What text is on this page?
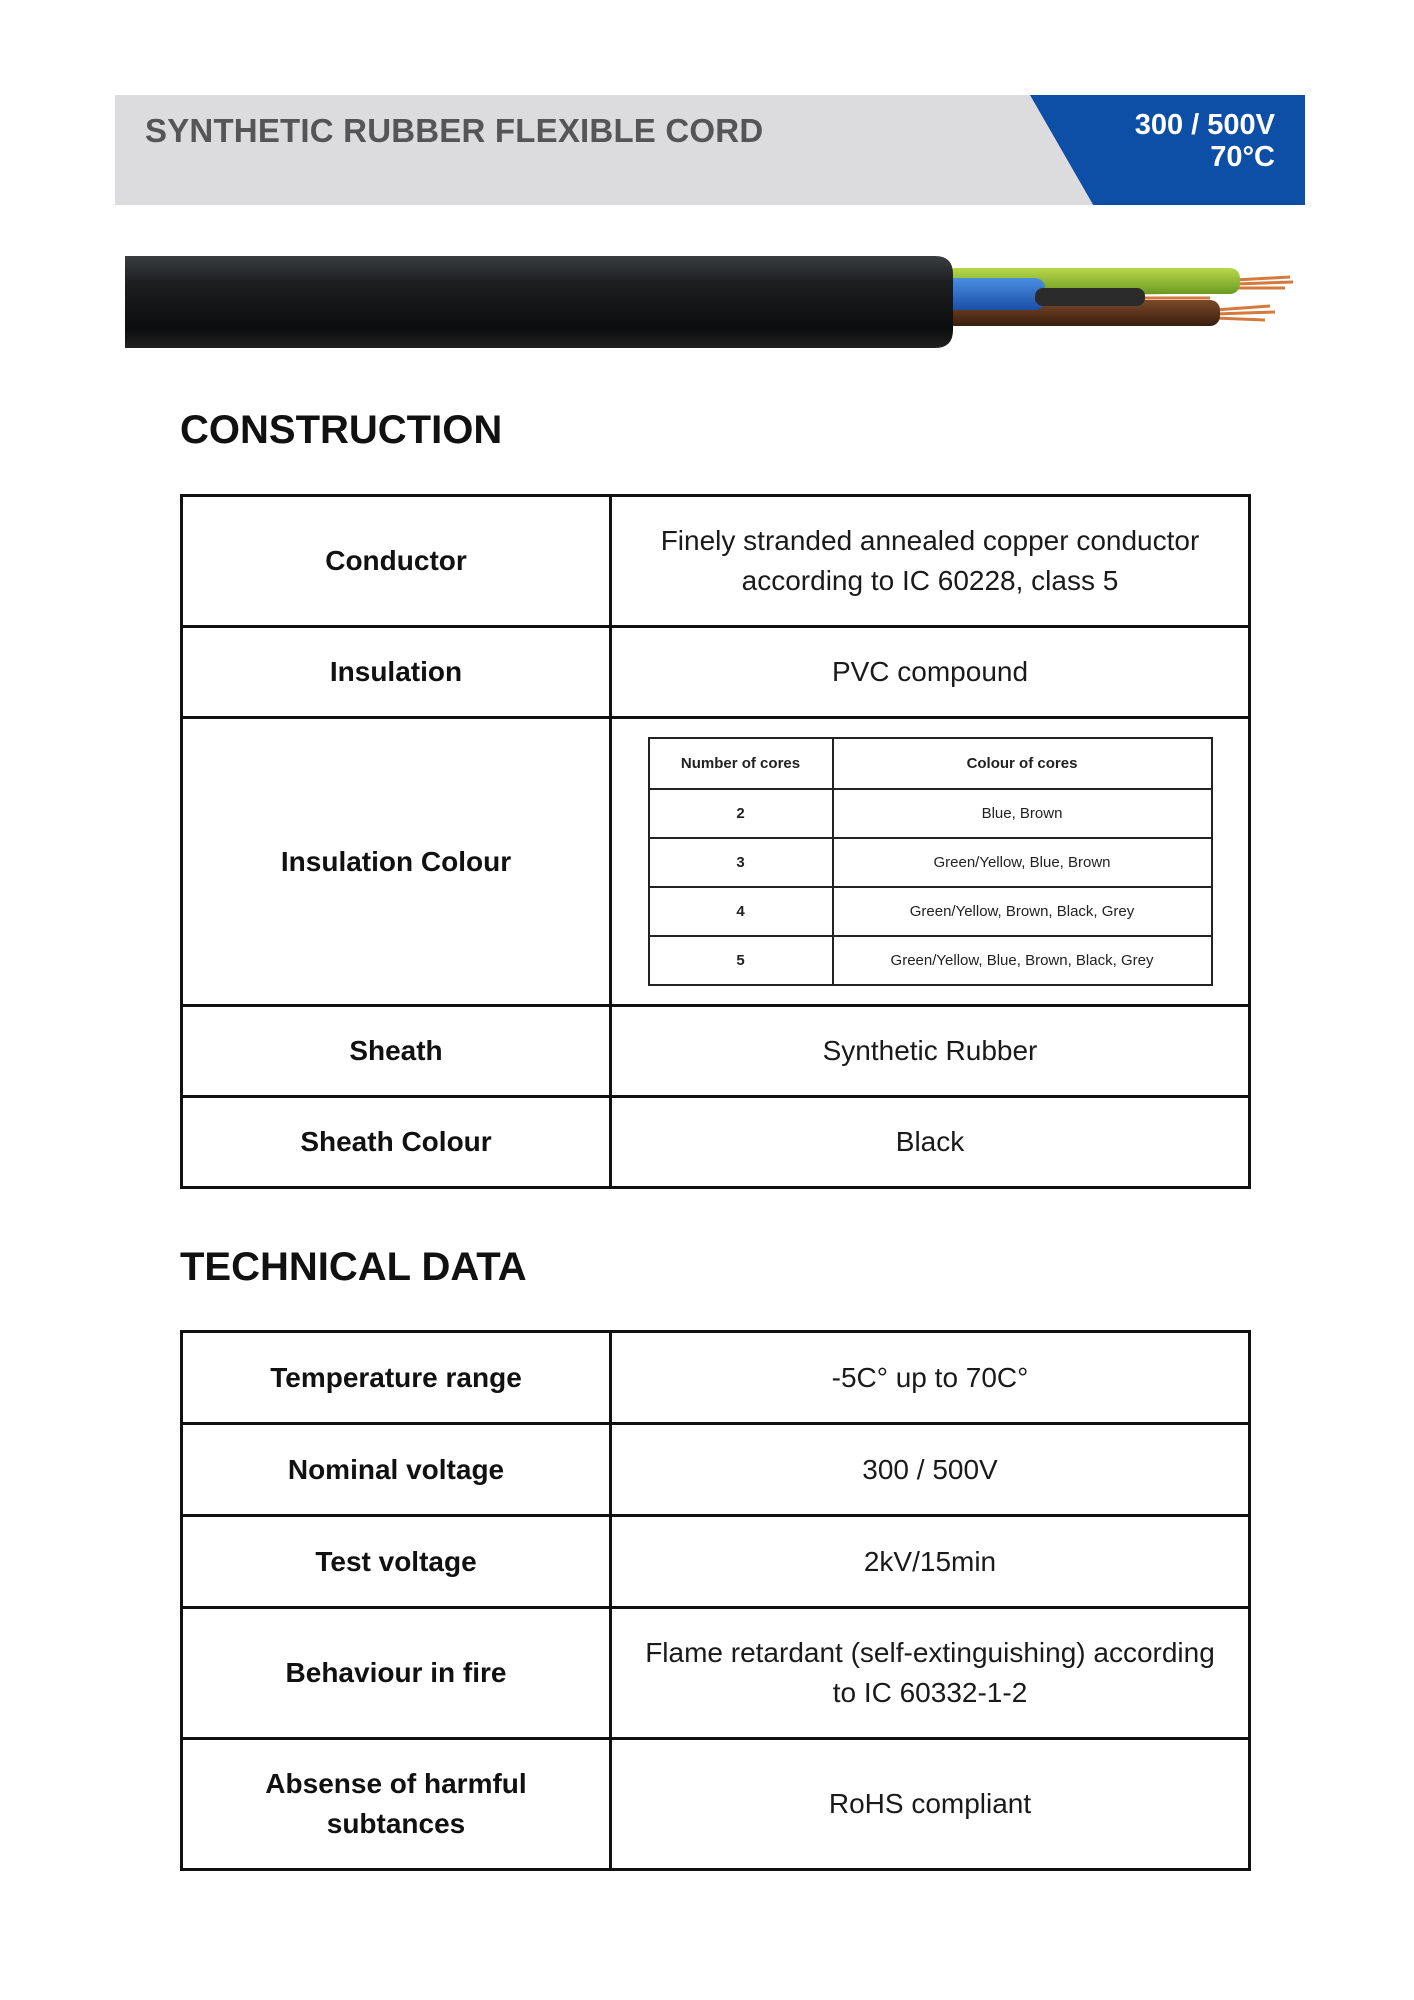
SYNTHETIC RUBBER FLEXIBLE CORD	300 / 500V
70°C
CONSTRUCTION
Conductor	Finely stranded annealed copper conductor according to IC 60228, class 5
Insulation	PVC compound
Insulation Colour	
Number of cores	Colour of cores
2	Blue, Brown
3	Green/Yellow, Blue, Brown
4	Green/Yellow, Brown, Black, Grey
5	Green/Yellow, Blue, Brown, Black, Grey

Sheath	Synthetic Rubber
Sheath Colour	Black
TECHNICAL DATA
Temperature range	-5C° up to 70C°
Nominal voltage	300 / 500V
Test voltage	2kV/15min
Behaviour in fire	Flame retardant (self-extinguishing) according to IC 60332-1-2
Absense of harmful subtances	RoHS compliant
